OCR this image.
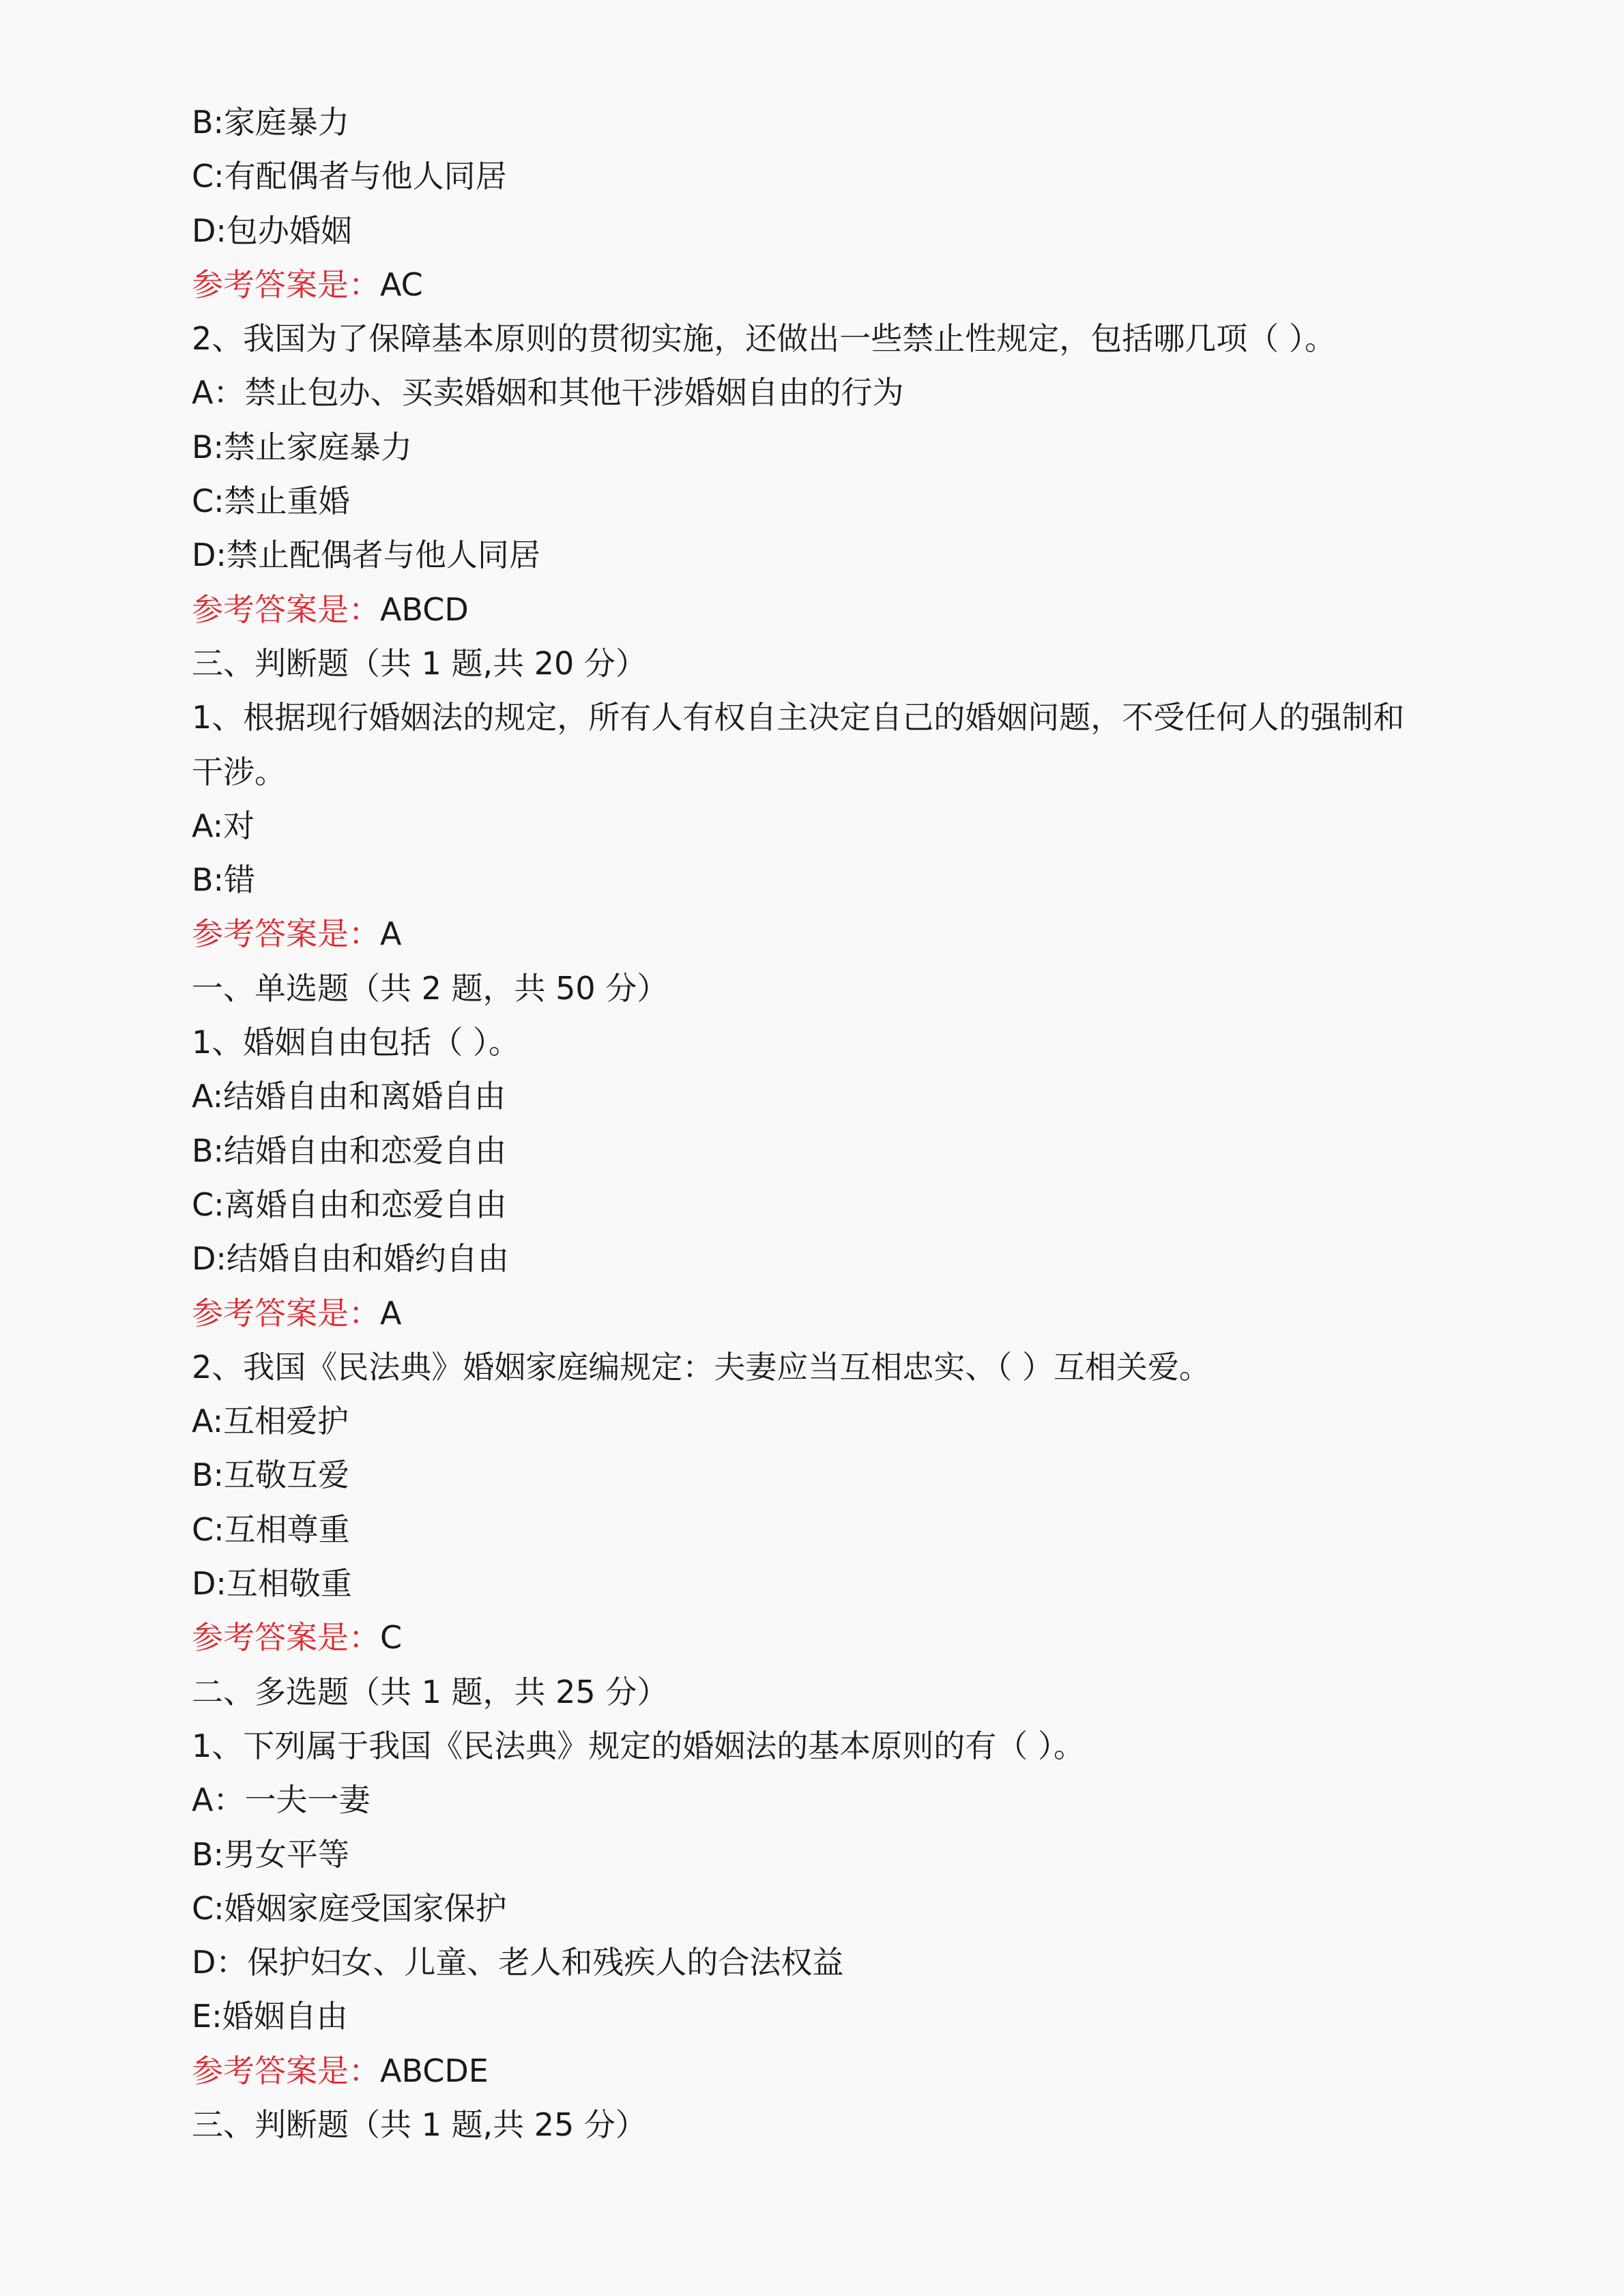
B:家庭暴力
C:有配偶者与他人同居
D:包办婚姻
参考答案是：AC
2、我国为了保障基本原则的贯彻实施，还做出一些禁止性规定，包括哪几项（ ）。
A：禁止包办、买卖婚姻和其他干涉婚姻自由的行为
B:禁止家庭暴力
C:禁止重婚
D:禁止配偶者与他人同居
参考答案是：ABCD
三、判断题（共 1 题,共 20 分）
1、根据现行婚姻法的规定，所有人有权自主决定自己的婚姻问题，不受任何人的强制和
干涉。
A:对
B:错
参考答案是：A
一、单选题（共 2 题，共 50 分）
1、婚姻自由包括（ ）。
A:结婚自由和离婚自由
B:结婚自由和恋爱自由
C:离婚自由和恋爱自由
D:结婚自由和婚约自由
参考答案是：A
2、我国《民法典》婚姻家庭编规定：夫妻应当互相忠实、（ ）互相关爱。
A:互相爱护
B:互敬互爱
C:互相尊重
D:互相敬重
参考答案是：C
二、多选题（共 1 题，共 25 分）
1、下列属于我国《民法典》规定的婚姻法的基本原则的有（ ）。
A：一夫一妻
B:男女平等
C:婚姻家庭受国家保护
D：保护妇女、儿童、老人和残疾人的合法权益
E:婚姻自由
参考答案是：ABCDE
三、判断题（共 1 题,共 25 分）
